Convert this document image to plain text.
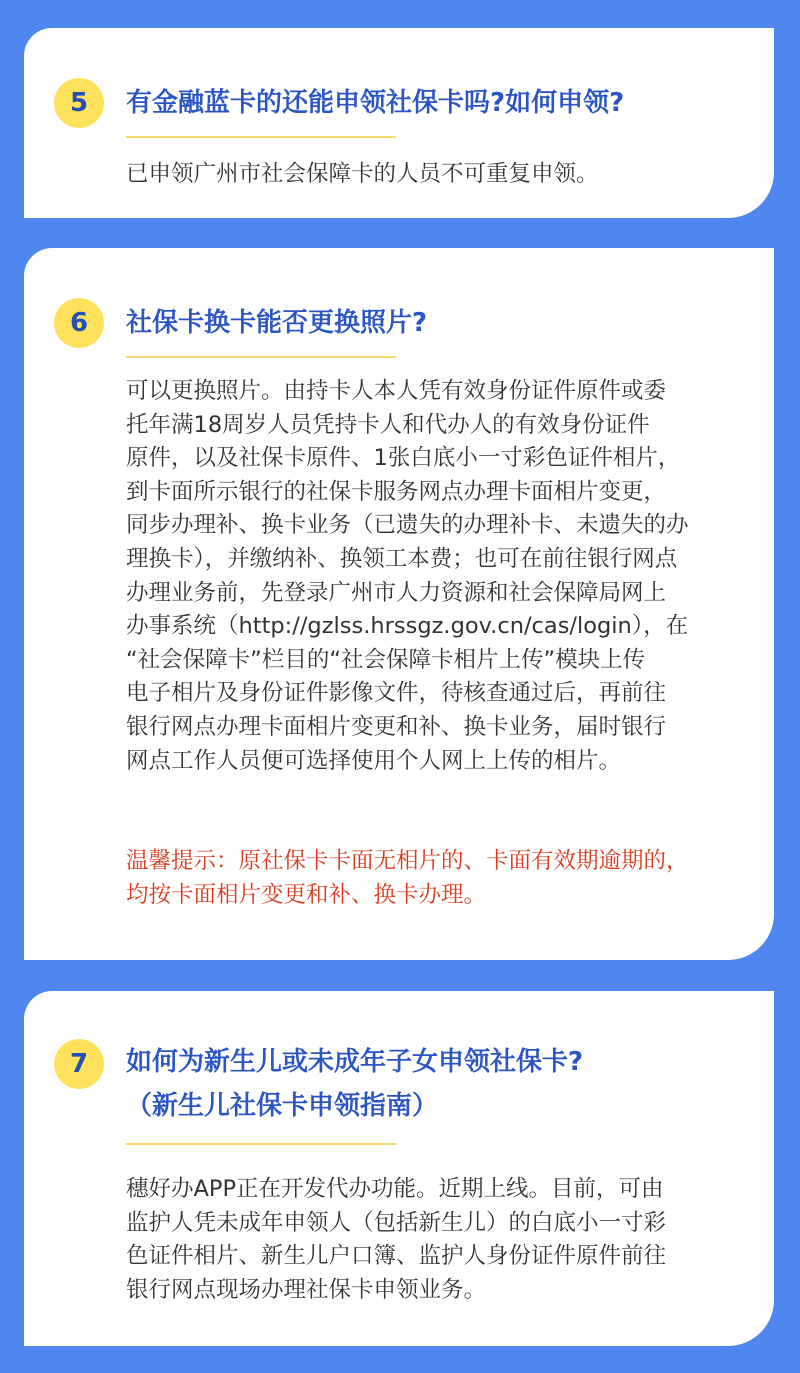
5	有金融蓝卡的还能申领社保卡吗?如何申领?

已申领广州市社会保障卡的人员不可重复申领。

6	社保卡换卡能否更换照片?

可以更换照片。由持卡人本人凭有效身份证件原件或委
托年满18周岁人员凭持卡人和代办人的有效身份证件
原件，以及社保卡原件、1张白底小一寸彩色证件相片，
到卡面所示银行的社保卡服务网点办理卡面相片变更，
同步办理补、换卡业务（已遗失的办理补卡、未遗失的办
理换卡），并缴纳补、换领工本费；也可在前往银行网点
办理业务前，先登录广州市人力资源和社会保障局网上
办事系统（http://gzlss.hrssgz.gov.cn/cas/login），在
“社会保障卡”栏目的“社会保障卡相片上传”模块上传
电子相片及身份证件影像文件，待核查通过后，再前往
银行网点办理卡面相片变更和补、换卡业务，届时银行
网点工作人员便可选择使用个人网上上传的相片。

温馨提示：原社保卡卡面无相片的、卡面有效期逾期的，
均按卡面相片变更和补、换卡办理。

7	如何为新生儿或未成年子女申领社保卡?
（新生儿社保卡申领指南）

穗好办APP正在开发代办功能。近期上线。目前，可由
监护人凭未成年申领人（包括新生儿）的白底小一寸彩
色证件相片、新生儿户口簿、监护人身份证件原件前往
银行网点现场办理社保卡申领业务。
